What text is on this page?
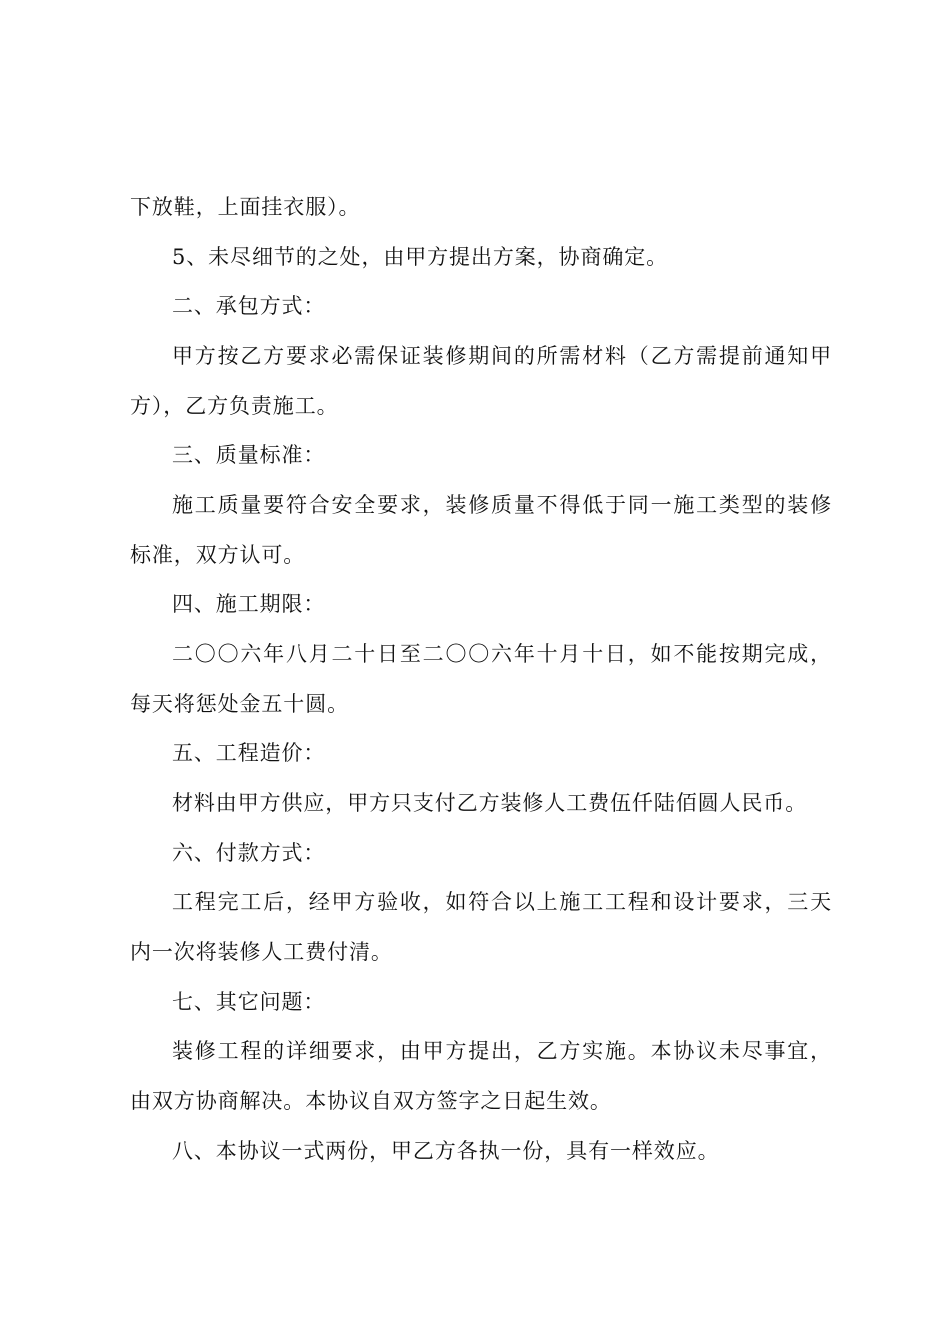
下放鞋，上面挂衣服）。
5、未尽细节的之处，由甲方提出方案，协商确定。
二、承包方式：
甲方按乙方要求必需保证装修期间的所需材料（乙方需提前通知甲
方），乙方负责施工。
三、质量标准：
施工质量要符合安全要求，装修质量不得低于同一施工类型的装修
标准，双方认可。
四、施工期限：
二〇〇六年八月二十日至二〇〇六年十月十日，如不能按期完成，
每天将惩处金五十圆。
五、工程造价：
材料由甲方供应，甲方只支付乙方装修人工费伍仟陆佰圆人民币。
六、付款方式：
工程完工后，经甲方验收，如符合以上施工工程和设计要求，三天
内一次将装修人工费付清。
七、其它问题：
装修工程的详细要求，由甲方提出，乙方实施。本协议未尽事宜，
由双方协商解决。本协议自双方签字之日起生效。
八、本协议一式两份，甲乙方各执一份，具有一样效应。
